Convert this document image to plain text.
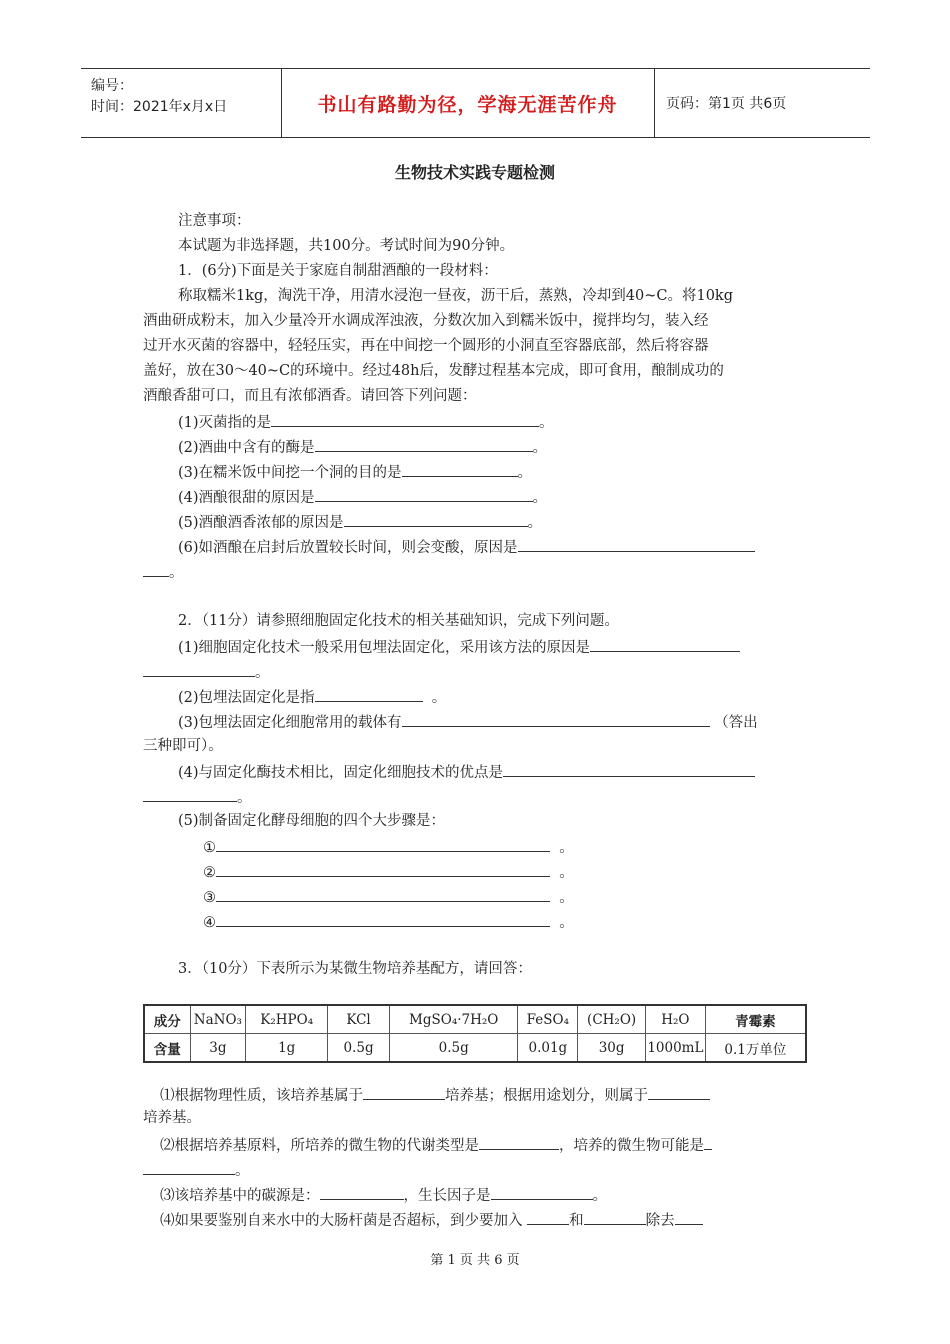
编号：
时间：2021年x月x日	书山有路勤为径，学海无涯苦作舟	页码：第1页 共6页
生物技术实践专题检测
注意事项：
本试题为非选择题，共100分。考试时间为90分钟。
1．(6分)下面是关于家庭自制甜酒酿的一段材料：
称取糯米1kg，淘洗干净，用清水浸泡一昼夜，沥干后，蒸熟，冷却到40~C。将10kg
酒曲研成粉末，加入少量冷开水调成浑浊液，分数次加入到糯米饭中，搅拌均匀，装入经
过开水灭菌的容器中，轻轻压实，再在中间挖一个圆形的小洞直至容器底部，然后将容器
盖好，放在30～40~C的环境中。经过48h后，发酵过程基本完成，即可食用，酿制成功的
酒酿香甜可口，而且有浓郁酒香。请回答下列问题：
(1)灭菌指的是	。
(2)酒曲中含有的酶是	。
(3)在糯米饭中间挖一个洞的目的是	。
(4)酒酿很甜的原因是	。
(5)酒酿酒香浓郁的原因是	。
(6)如酒酿在启封后放置较长时间，则会变酸，原因是
。
2．（11分）请参照细胞固定化技术的相关基础知识，完成下列问题。
(1)细胞固定化技术一般采用包埋法固定化，采用该方法的原因是
。
(2)包埋法固定化是指	。
(3)包埋法固定化细胞常用的载体有	（答出
三种即可）。
(4)与固定化酶技术相比，固定化细胞技术的优点是
。
(5)制备固定化酵母细胞的四个大步骤是：
①	。
②	。
③	。
④	。
3．（10分）下表所示为某微生物培养基配方，请回答：
成分	NaNO₃	K₂HPO₄	KCl	MgSO₄·7H₂O	FeSO₄	(CH₂O)	H₂O	青霉素
含量	3g	1g	0.5g	0.5g	0.01g	30g	1000mL	0.1万单位
⑴根据物理性质，该培养基属于	培养基；根据用途划分，则属于
培养基。
⑵根据培养基原料，所培养的微生物的代谢类型是	，培养的微生物可能是
。
⑶该培养基中的碳源是：	，生长因子是	。
⑷如果要鉴别自来水中的大肠杆菌是否超标，到少要加入	和	除去
第 1 页 共 6 页
